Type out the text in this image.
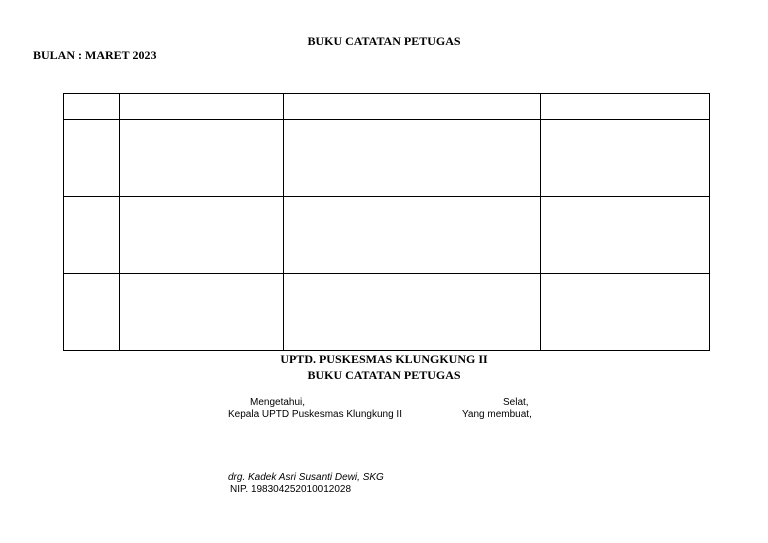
BUKU CATATAN PETUGAS
BULAN : MARET 2023

UPTD. PUSKESMAS KLUNGKUNG II
BUKU CATATAN PETUGAS
Mengetahui,
Kepala UPTD Puskesmas Klungkung II
Selat,
Yang membuat,
drg. Kadek Asri Susanti Dewi, SKG
NIP. 198304252010012028
